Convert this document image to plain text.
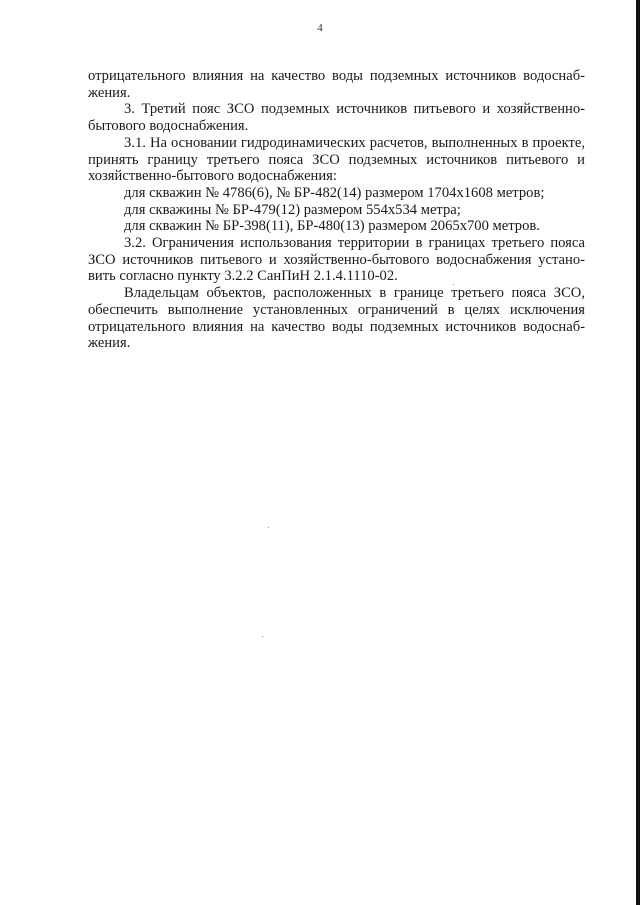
4

отрицательного влияния на качество воды подземных источников водоснабжения.

3. Третий пояс ЗСО подземных источников питьевого и хозяйственно-бытового водоснабжения.

3.1. На основании гидродинамических расчетов, выполненных в проекте, принять границу третьего пояса ЗСО подземных источников питьевого и хозяйственно-бытового водоснабжения:

для скважин № 4786(6), № БР-482(14) размером 1704x1608 метров;
для скважины № БР-479(12) размером 554x534 метра;
для скважин № БР-398(11), БР-480(13) размером 2065x700 метров.

3.2. Ограничения использования территории в границах третьего пояса ЗСО источников питьевого и хозяйственно-бытового водоснабжения установить согласно пункту 3.2.2 СанПиН 2.1.4.1110-02.

Владельцам объектов, расположенных в границе третьего пояса ЗСО, обеспечить выполнение установленных ограничений в целях исключения отрицательного влияния на качество воды подземных источников водоснабжения.
